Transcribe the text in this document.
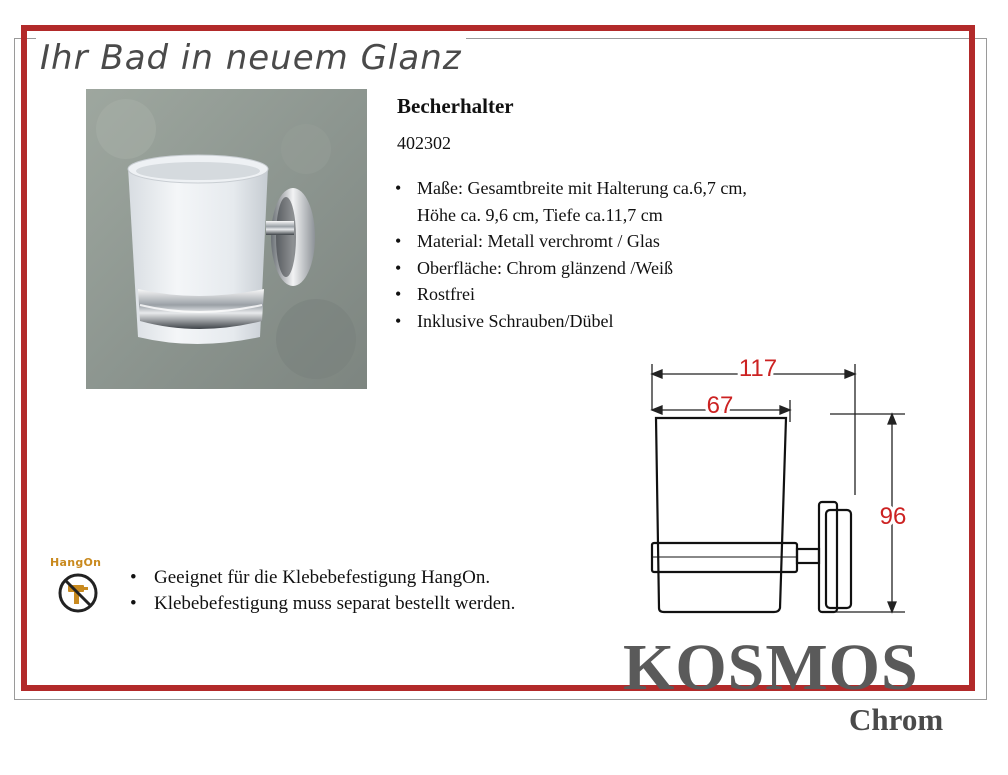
Ihr Bad in neuem Glanz
Becherhalter
402302
• Maße: Gesamtbreite mit Halterung ca.6,7 cm,
Höhe ca. 9,6 cm, Tiefe ca.11,7 cm
• Material: Metall verchromt / Glas
• Oberfläche: Chrom glänzend /Weiß
• Rostfrei
• Inklusive Schrauben/Dübel
117
67
96
HangOn
• Geeignet für die Klebebefestigung HangOn.
• Klebebefestigung muss separat bestellt werden.
KOSMOS
Chrom
